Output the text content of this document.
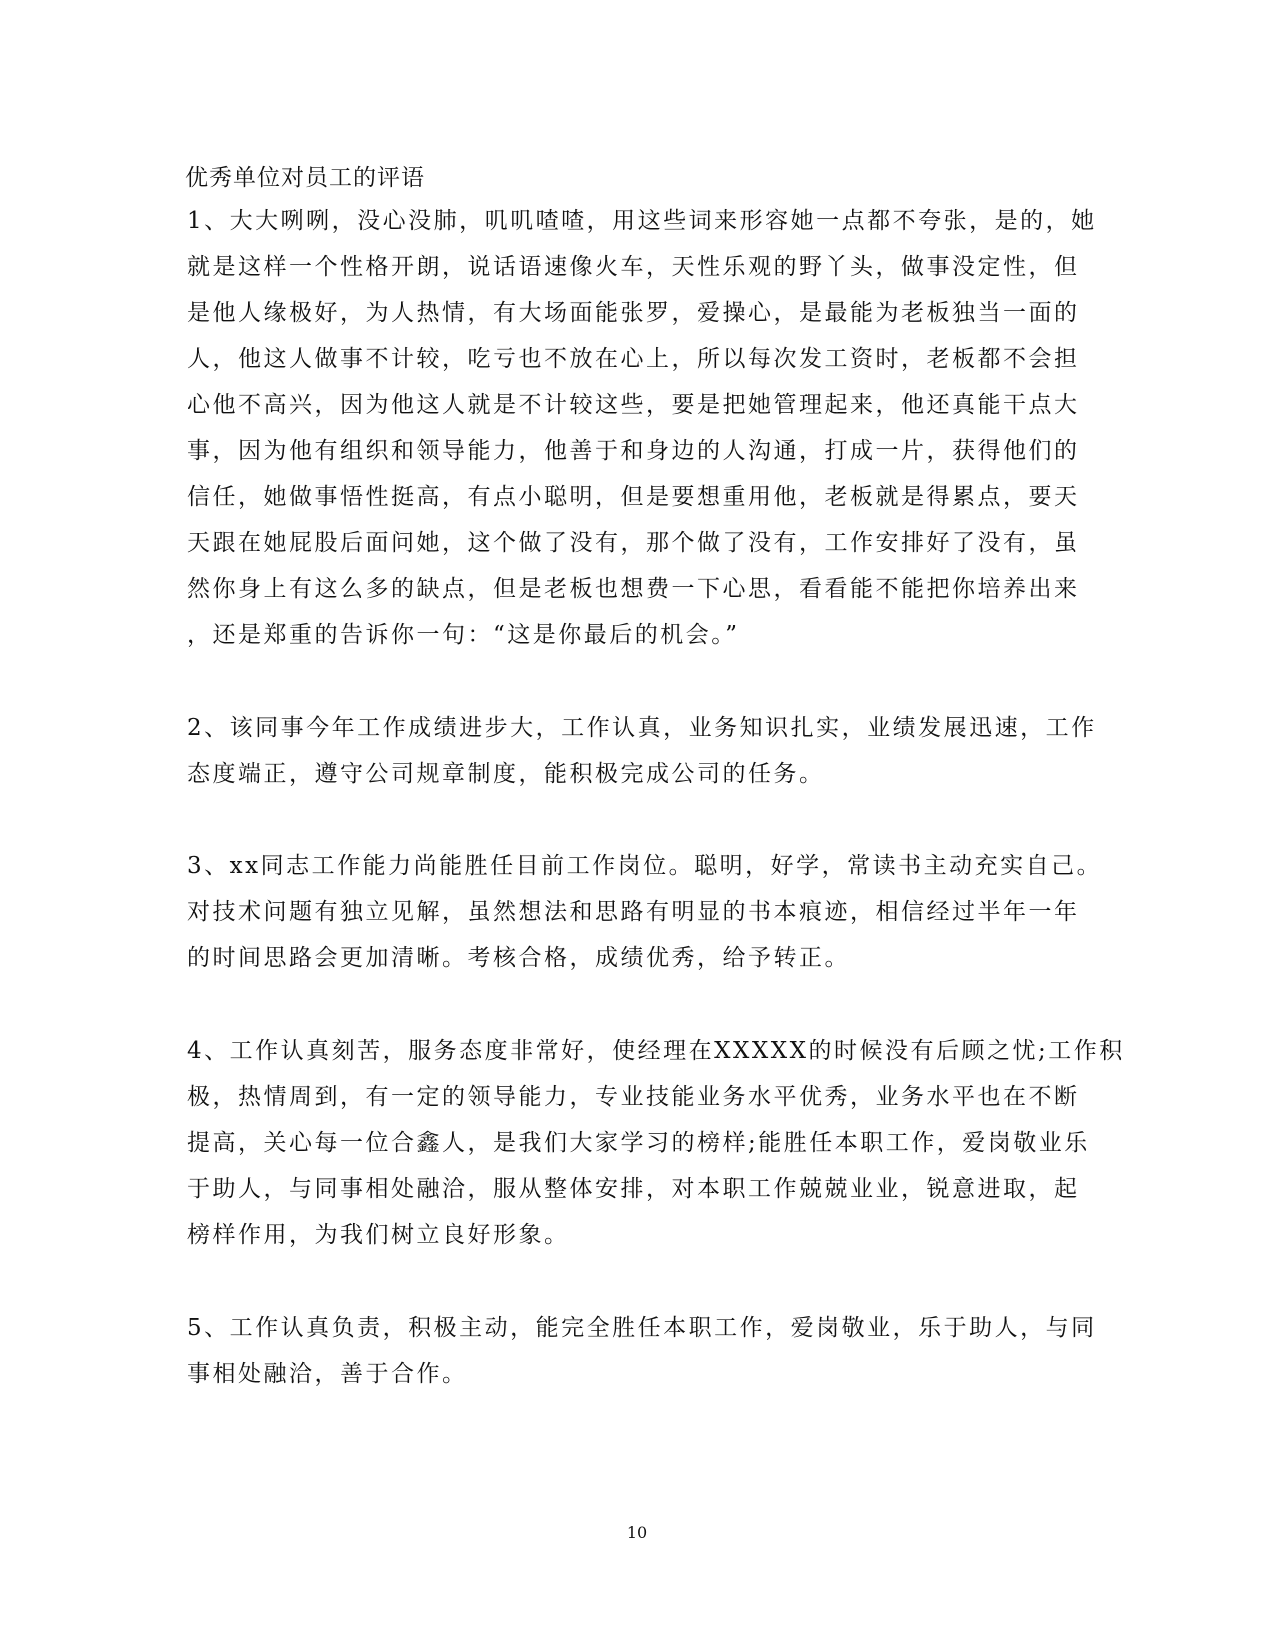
优秀单位对员工的评语
1、大大咧咧，没心没肺，叽叽喳喳，用这些词来形容她一点都不夸张，是的，她
就是这样一个性格开朗，说话语速像火车，天性乐观的野丫头，做事没定性，但
是他人缘极好，为人热情，有大场面能张罗，爱操心，是最能为老板独当一面的
人，他这人做事不计较，吃亏也不放在心上，所以每次发工资时，老板都不会担
心他不高兴，因为他这人就是不计较这些，要是把她管理起来，他还真能干点大
事，因为他有组织和领导能力，他善于和身边的人沟通，打成一片，获得他们的
信任，她做事悟性挺高，有点小聪明，但是要想重用他，老板就是得累点，要天
天跟在她屁股后面问她，这个做了没有，那个做了没有，工作安排好了没有，虽
然你身上有这么多的缺点，但是老板也想费一下心思，看看能不能把你培养出来
，还是郑重的告诉你一句：“这是你最后的机会。”
2、该同事今年工作成绩进步大，工作认真，业务知识扎实，业绩发展迅速，工作
态度端正，遵守公司规章制度，能积极完成公司的任务。
3、xx同志工作能力尚能胜任目前工作岗位。聪明，好学，常读书主动充实自己。
对技术问题有独立见解，虽然想法和思路有明显的书本痕迹，相信经过半年一年
的时间思路会更加清晰。考核合格，成绩优秀，给予转正。
4、工作认真刻苦，服务态度非常好，使经理在XXXXX的时候没有后顾之忧;工作积
极，热情周到，有一定的领导能力，专业技能业务水平优秀，业务水平也在不断
提高，关心每一位合鑫人，是我们大家学习的榜样;能胜任本职工作，爱岗敬业乐
于助人，与同事相处融洽，服从整体安排，对本职工作兢兢业业，锐意进取，起
榜样作用，为我们树立良好形象。
5、工作认真负责，积极主动，能完全胜任本职工作，爱岗敬业，乐于助人，与同
事相处融洽，善于合作。
10
